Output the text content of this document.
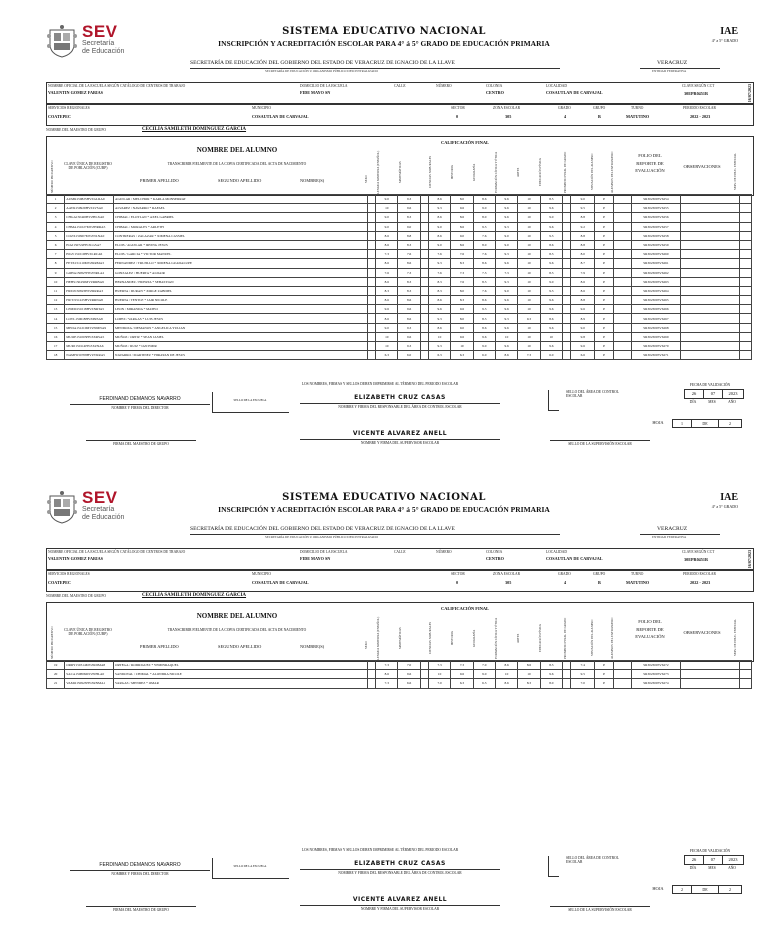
SEV
Secretaría
de Educación
SISTEMA EDUCATIVO NACIONAL
INSCRIPCIÓN Y ACREDITACIÓN ESCOLAR PARA 4° á 5° GRADO DE EDUCACIÓN PRIMARIA
IAE
4° a 5° GRADO
SECRETARÍA DE EDUCACIÓN DEL GOBIERNO DEL ESTADO DE VERACRUZ DE IGNACIO DE LA LLAVE
SECRETARÍA DE EDUCACIÓN U ORGANISMO PÚBLICO DESCENTRALIZADO
VERACRUZ
ENTIDAD FEDERATIVA
16/07/2023
NOMBRE OFICIAL DE LA ESCUELA SEGÚN CATÁLOGO DE CENTROS DE TRABAJO
VALENTIN GOMEZ FARIAS
DOMICILIO DE LA ESCUELA
FIDE MAYO SN
CALLE	NÚMERO	COLONIA
CENTRO
LOCALIDAD
COSAUTLAN DE CARVAJAL
CLAVE SEGÚN CCT
30EPR0451R
SERVICIOS REGIONALES
COATEPEC
MUNICIPIO
COSAUTLAN DE CARVAJAL
SECTOR
0
ZONA ESCOLAR
305
GRADO
4
GRUPO
B
TURNO
MATUTINO
PERIODO ESCOLAR
2022 - 2023
NOMBRE DEL MAESTRO DE GRUPO	CECILIA SAMILETH DOMINGUEZ GARCIA
NOMBRE DEL ALUMNO
NÚMERO PROGRESIVO	CLAVE ÚNICA DE REGISTRO DE POBLACIÓN (CURP)
TRANSCRIBIR FIELMENTE DE LA COPIA CERTIFICADA DEL ACTA DE NACIMIENTO
PRIMER APELLIDO	SEGUNDO APELLIDO	NOMBRE(S)	SEXO
CALIFICACIÓN FINAL
LENGUA MATERNA (ESPAÑOL)	MATEMÁTICAS	CIENCIAS NATURALES	HISTORIA	GEOGRAFÍA	FORMACIÓN CÍVICA Y ÉTICA	ARTES	EDUCACIÓN FÍSICA	PROMEDIO FINAL DE GRADO	SITUACIÓN DEL ALUMNO	ALUMNOS DEL EXTRANJERO	FOLIO DEL REPORTE DE EVALUACIÓN
OBSERVACIONES	SERV. DE EDUC. ESPECIAL
1	AUMR150825HVZGLRA9	AGUILAR / MELCHOR * KARLA MONSERRAT		9.0	9.3		8.6	8.0	8.6	9.6	10	8.5		9.0	P		SR3023005V6254		
2	AAVR150929HVZLVSA0	ALVAREZ / NAVARRO * RAFAEL		10	9.6		9.3	9.6	9.0	9.6	10	9.6		9.5	P		SR3023005V6255		
3	CHGA150420HVZHLXA0	CHIMAL / ELOTLAN * AXEL GABRIEL		9.0	8.3		8.6	8.6	8.0	9.6	10	9.0		8.8	P		SR3023005V6256		
4	CHMA151027MVZHRRA5	CHIMAL / MORALES * ARLETH		9.0	9.0		9.0	8.6	9.3	9.3	10	9.6		9.2	P		SR3023005V6257		
5	COZX150907MVZNLNA0	CONTRERAS / ZALAZAR * XIMENA CASSIEL		8.6	8.8		8.6	9.0	7.6	9.0	10	9.3		8.8	P		SR3023005V6258		
6	EIAJ150722HVZLGSA7	ELOIS / AGUILAR * IRVING JESUS		8.6	8.3		9.0	8.6	8.0	9.0	10	8.6		8.8	P		SR3023005V6259		
7	EIGV151010HVZLRCA6	ELOIS / GARCIA * VICTOR MANUEL		7.3	7.6		7.6	7.6	7.6	9.3	10	8.3		8.0	P		SR3023005V6260		
8	FETX151110MVZRRMA3	FERNANDEZ / TRUJILLO * XIMENA GUADALUPE		8.6	8.6		9.3	8.3	8.6	9.6	10	9.6		8.7	P		SR3023005V6261		
9	GOHA150827HVZNRLA2	GONZALEZ / HUERTA * ALDAIR		7.6	7.3		7.6	7.3	7.3	7.3	10	8.3		7.9	P		SR3023005V6262		
10	HEHS150430MVZRRBA9	HERNANDEZ / HUERTA * SEBASTIAN		8.6	8.3		8.3	7.6	8.3	9.3	10	9.0		8.6	P		SR3023005V6263		
11	HUDJ150823HVZRRRA3	HUERTA / DURAN * JORGE ZABDIEL		8.3	8.3		8.3	8.0	7.6	9.0	10	9.3		8.6	P		SR3023005V6264		
12	HUTJ151225HVZRRNA8	HUERTA / TENTLE * JAIR NICOLE		8.6	8.6		8.6	8.3	8.6	9.6	10	9.6		8.8	P		SR3023005V6265		
13	LEMM151018HVZNRTA5	LEON / MIRANDA * MATEO		9.6	9.6		9.6	9.6	9.3	9.6	10	9.6		9.6	P		SR3023005V6266		
14	LOVL150618HVZPRSA8	LOPEZ / VARGAS * LUIS JESUS		8.6	8.6		9.3	8.0	8.3	9.3	9.3	8.6		8.9	P		SR3023005V6267		
15	MEDA151210MVZNMNA9	MENDOZA / DEMANOS * ANGELICA YULIAN		9.0	9.3		8.6	9.0	8.6	9.6	10	9.6		9.0	P		SR3023005V6268		
16	MUOE151003HVZXRSA5	MUÑOZ / ORTIZ * SEAN JASIEL		10	9.6		10	9.6	9.6	10	10	10		9.8	P		SR3023005V6269		
17	MURJ150114HVZXZNA6	MUÑOZ / RUIZ * IAN EMIR		10	9.3		9.3	10	9.0	9.6	10	9.6		9.6	P		SR3023005V6270		
18	NAMH150708HVZVRRA5	NAVARRO / MARTINEZ * HIRAYAN DE JESUS		6.3	6.0		6.3	6.3	6.0	8.6	7.3	6.0		6.6	P		SR3023005V6271		
LOS NOMBRES, FIRMAS Y SELLOS DEBEN IMPRIMIRSE AL TÉRMINO DEL PERIODO ESCOLAR
FERDINAND DEMANOS NAVARRO
NOMBRE Y FIRMA DEL DIRECTOR
SELLO DE LA ESCUELA	ELIZABETH CRUZ CASAS
NOMBRE Y FIRMA DEL RESPONSABLE DEL ÁREA DE CONTROL ESCOLAR
SELLO DEL ÁREA DE CONTROL ESCOLAR
FECHA DE VALIDACIÓN
26	07	2023
DÍA	MES	AÑO
HOJA	1	DE	2
FIRMA DEL MAESTRO DE GRUPO
VICENTE ALVAREZ ANELL
NOMBRE Y FIRMA DEL SUPERVISOR ESCOLAR	SELLO DE LA SUPERVISIÓN ESCOLAR
SEV
Secretaría
de Educación
SISTEMA EDUCATIVO NACIONAL
INSCRIPCIÓN Y ACREDITACIÓN ESCOLAR PARA 4° á 5° GRADO DE EDUCACIÓN PRIMARIA
IAE
4° a 5° GRADO
SECRETARÍA DE EDUCACIÓN DEL GOBIERNO DEL ESTADO DE VERACRUZ DE IGNACIO DE LA LLAVE
SECRETARÍA DE EDUCACIÓN U ORGANISMO PÚBLICO DESCENTRALIZADO
VERACRUZ
ENTIDAD FEDERATIVA
16/07/2023
NOMBRE OFICIAL DE LA ESCUELA SEGÚN CATÁLOGO DE CENTROS DE TRABAJO
VALENTIN GOMEZ FARIAS
DOMICILIO DE LA ESCUELA
FIDE MAYO SN
CALLE	NÚMERO	COLONIA
CENTRO
LOCALIDAD
COSAUTLAN DE CARVAJAL
CLAVE SEGÚN CCT
30EPR0451R
SERVICIOS REGIONALES
COATEPEC
MUNICIPIO
COSAUTLAN DE CARVAJAL
SECTOR
0
ZONA ESCOLAR
305
GRADO
4
GRUPO
B
TURNO
MATUTINO
PERIODO ESCOLAR
2022 - 2023
NOMBRE DEL MAESTRO DE GRUPO	CECILIA SAMILETH DOMINGUEZ GARCIA
NOMBRE DEL ALUMNO
NÚMERO PROGRESIVO	CLAVE ÚNICA DE REGISTRO DE POBLACIÓN (CURP)
TRANSCRIBIR FIELMENTE DE LA COPIA CERTIFICADA DEL ACTA DE NACIMIENTO
PRIMER APELLIDO	SEGUNDO APELLIDO	NOMBRE(S)	SEXO
CALIFICACIÓN FINAL
LENGUA MATERNA (ESPAÑOL)	MATEMÁTICAS	CIENCIAS NATURALES	HISTORIA	GEOGRAFÍA	FORMACIÓN CÍVICA Y ÉTICA	ARTES	EDUCACIÓN FÍSICA	PROMEDIO FINAL DE GRADO	SITUACIÓN DEL ALUMNO	ALUMNOS DEL EXTRANJERO	FOLIO DEL REPORTE DE EVALUACIÓN
OBSERVACIONES	SERV. DE EDUC. ESPECIAL
19	ORRY150314MVZRDMA8	ORTEGA / RODRIGUEZ * YEMINRAQUEL		7.3	7.0		7.3	7.3	7.0	8.6	8.6	8.3		7.4	P		SR3023005V6272		
20	SACA150806MVZNHLA0	SANDOVAL / CHIMAL * ALONDRA NICOLE		8.6	9.6		10	9.6	9.0	10	10	9.6		9.5	P		SR3023005V6273		
21	VAMO150923HVZRNMA1	VARGAS / MENDEZ * OMAR		7.3	6.6		7.0	6.3	6.3	8.6	8.3	8.0		7.0	P		SR3023005V6274		
LOS NOMBRES, FIRMAS Y SELLOS DEBEN IMPRIMIRSE AL TÉRMINO DEL PERIODO ESCOLAR
FERDINAND DEMANOS NAVARRO
NOMBRE Y FIRMA DEL DIRECTOR
SELLO DE LA ESCUELA	ELIZABETH CRUZ CASAS
NOMBRE Y FIRMA DEL RESPONSABLE DEL ÁREA DE CONTROL ESCOLAR
SELLO DEL ÁREA DE CONTROL ESCOLAR
FECHA DE VALIDACIÓN
26	07	2023
DÍA	MES	AÑO
HOJA	2	DE	2
FIRMA DEL MAESTRO DE GRUPO
VICENTE ALVAREZ ANELL
NOMBRE Y FIRMA DEL SUPERVISOR ESCOLAR	SELLO DE LA SUPERVISIÓN ESCOLAR
